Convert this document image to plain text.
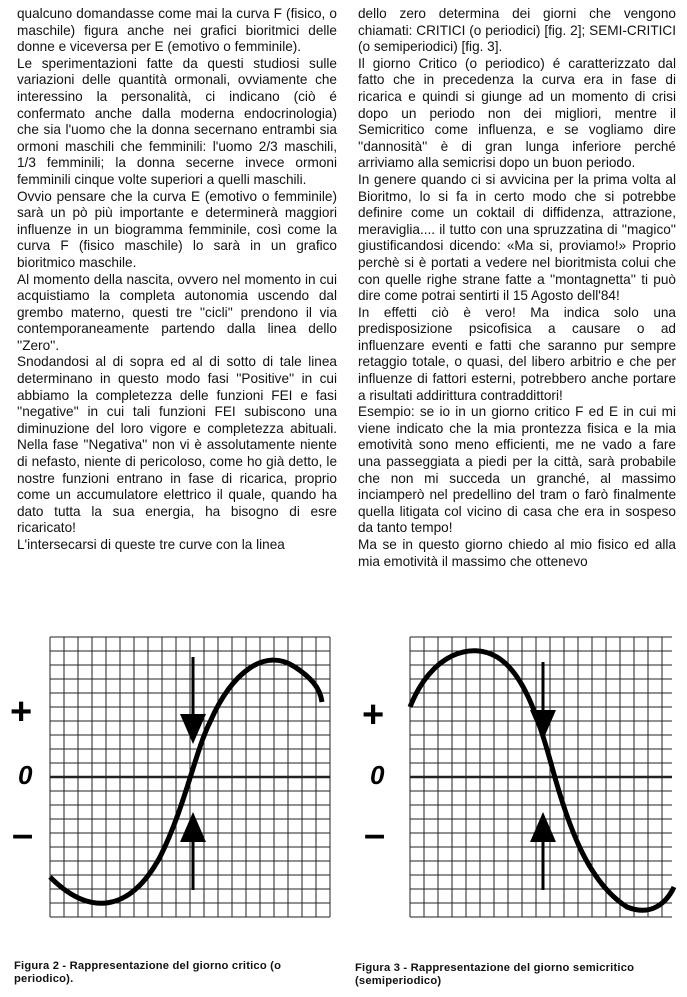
qualcuno domandasse come mai la curva F (fisico, o maschile) figura anche nei grafici bioritmici delle donne e viceversa per E (emotivo o femminile).

Le sperimentazioni fatte da questi studiosi sulle variazioni delle quantità ormonali, ovviamente che interessino la personalità, ci indicano (ciò é confermato anche dalla moderna endocrinologia) che sia l'uomo che la donna secernano entrambi sia ormoni maschili che femminili: l'uomo 2/3 maschili, 1/3 femminili; la donna secerne invece ormoni femminili cinque volte superiori a quelli maschili.

Ovvio pensare che la curva E (emotivo o femminile) sarà un pò più importante e determinerà maggiori influenze in un biogramma femminile, così come la curva F (fisico maschile) lo sarà in un grafico bioritmico maschile.

Al momento della nascita, ovvero nel momento in cui acquistiamo la completa autonomia uscendo dal grembo materno, questi tre ''cicli'' prendono il via contemporaneamente partendo dalla linea dello ''Zero''.

Snodandosi al di sopra ed al di sotto di tale linea determinano in questo modo fasi ''Positive'' in cui abbiamo la completezza delle funzioni FEI e fasi ''negative'' in cui tali funzioni FEI subiscono una diminuzione del loro vigore e completezza abituali. Nella fase ''Negativa'' non vi è assolutamente niente di nefasto, niente di pericoloso, come ho già detto, le nostre funzioni entrano in fase di ricarica, proprio come un accumulatore elettrico il quale, quando ha dato tutta la sua energia, ha bisogno di esre ricaricato!

L'intersecarsi di queste tre curve con la linea

dello zero determina dei giorni che vengono chiamati: CRITICI (o periodici) [fig. 2]; SEMI-CRITICI (o semiperiodici) [fig. 3].

Il giorno Critico (o periodico) é caratterizzato dal fatto che in precedenza la curva era in fase di ricarica e quindi si giunge ad un momento di crisi dopo un periodo non dei migliori, mentre il Semicritico come influenza, e se vogliamo dire ''dannosità'' è di gran lunga inferiore perché arriviamo alla semicrisi dopo un buon periodo.

In genere quando ci si avvicina per la prima volta al Bioritmo, lo si fa in certo modo che si potrebbe definire come un coktail di diffidenza, attrazione, meraviglia.... il tutto con una spruzzatina di ''magico'' giustificandosi dicendo: «Ma si, proviamo!» Proprio perchè si è portati a vedere nel bioritmista colui che con quelle righe strane fatte a ''montagnetta'' ti può dire come potrai sentirti il 15 Agosto dell'84!

In effetti ciò è vero! Ma indica solo una predisposizione psicofisica a causare o ad influenzare eventi e fatti che saranno pur sempre retaggio totale, o quasi, del libero arbitrio e che per influenze di fattori esterni, potrebbero anche portare a risultati addirittura contraddittori!

Esempio: se io in un giorno critico F ed E in cui mi viene indicato che la mia prontezza fisica e la mia emotività sono meno efficienti, me ne vado a fare una passeggiata a piedi per la città, sarà probabile che non mi succeda un granché, al massimo inciamperò nel predellino del tram o farò finalmente quella litigata col vicino di casa che era in sospeso da tanto tempo!

Ma se in questo giorno chiedo al mio fisico ed alla mia emotività il massimo che ottenevo

+
0
–
+
0
–
Figura 2 - Rappresentazione del giorno critico (o periodico).
Figura 3 - Rappresentazione del giorno semicritico (semiperiodico)
